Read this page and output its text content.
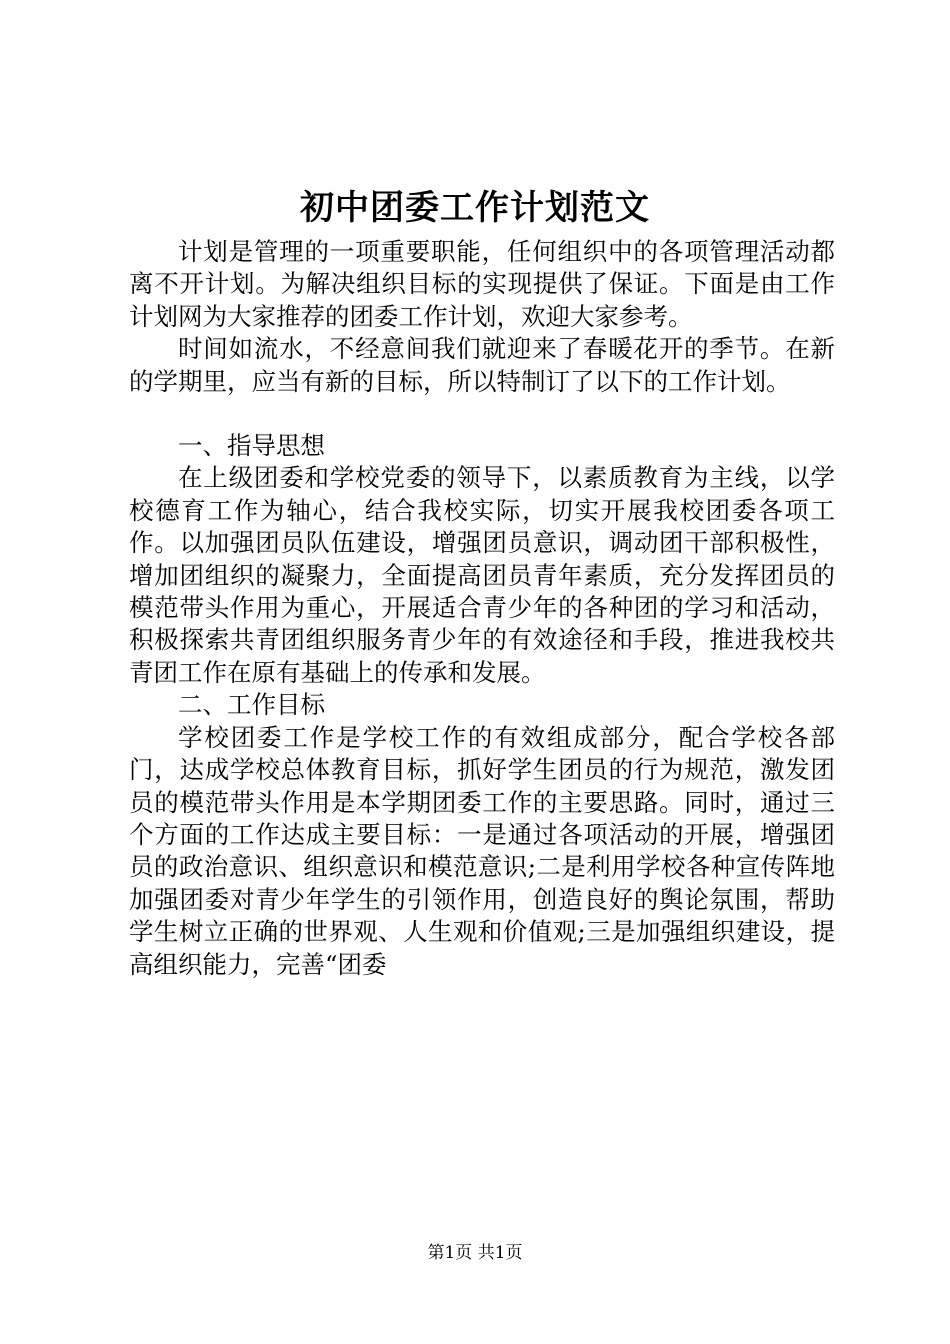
初中团委工作计划范文

计划是管理的一项重要职能，任何组织中的各项管理活动都离不开计划。为解决组织目标的实现提供了保证。下面是由工作计划网为大家推荐的团委工作计划，欢迎大家参考。

时间如流水，不经意间我们就迎来了春暖花开的季节。在新的学期里，应当有新的目标，所以特制订了以下的工作计划。

一、指导思想

在上级团委和学校党委的领导下，以素质教育为主线，以学校德育工作为轴心，结合我校实际，切实开展我校团委各项工作。以加强团员队伍建设，增强团员意识，调动团干部积极性，增加团组织的凝聚力，全面提高团员青年素质，充分发挥团员的模范带头作用为重心，开展适合青少年的各种团的学习和活动，积极探索共青团组织服务青少年的有效途径和手段，推进我校共青团工作在原有基础上的传承和发展。

二、工作目标

学校团委工作是学校工作的有效组成部分，配合学校各部门，达成学校总体教育目标，抓好学生团员的行为规范，激发团员的模范带头作用是本学期团委工作的主要思路。同时，通过三个方面的工作达成主要目标：一是通过各项活动的开展，增强团员的政治意识、组织意识和模范意识;二是利用学校各种宣传阵地加强团委对青少年学生的引领作用，创造良好的舆论氛围，帮助学生树立正确的世界观、人生观和价值观;三是加强组织建设，提高组织能力，完善“团委

第1页 共1页
